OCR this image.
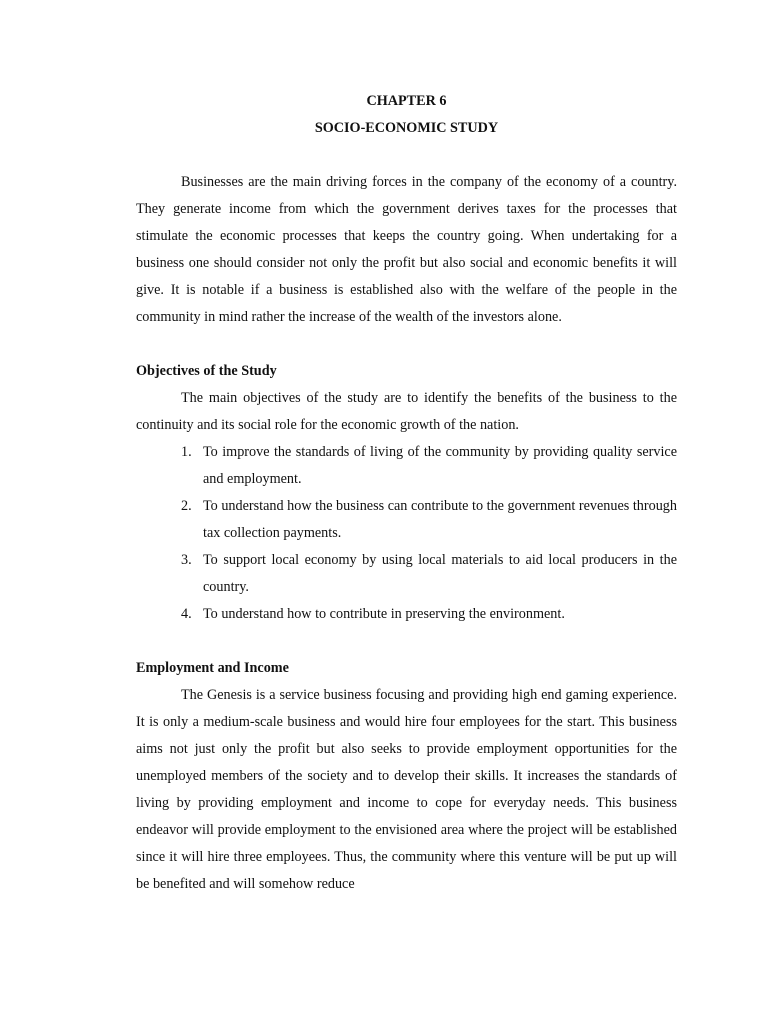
CHAPTER 6

SOCIO-ECONOMIC STUDY

Businesses are the main driving forces in the company of the economy of a country. They generate income from which the government derives taxes for the processes that stimulate the economic processes that keeps the country going. When undertaking for a business one should consider not only the profit but also social and economic benefits it will give. It is notable if a business is established also with the welfare of the people in the community in mind rather the increase of the wealth of the investors alone.

Objectives of the Study

The main objectives of the study are to identify the benefits of the business to the continuity and its social role for the economic growth of the nation.

1. To improve the standards of living of the community by providing quality service and employment.
2. To understand how the business can contribute to the government revenues through tax collection payments.
3. To support local economy by using local materials to aid local producers in the country.
4. To understand how to contribute in preserving the environment.

Employment and Income

The Genesis is a service business focusing and providing high end gaming experience. It is only a medium-scale business and would hire four employees for the start. This business aims not just only the profit but also seeks to provide employment opportunities for the unemployed members of the society and to develop their skills. It increases the standards of living by providing employment and income to cope for everyday needs. This business endeavor will provide employment to the envisioned area where the project will be established since it will hire three employees. Thus, the community where this venture will be put up will be benefited and will somehow reduce
